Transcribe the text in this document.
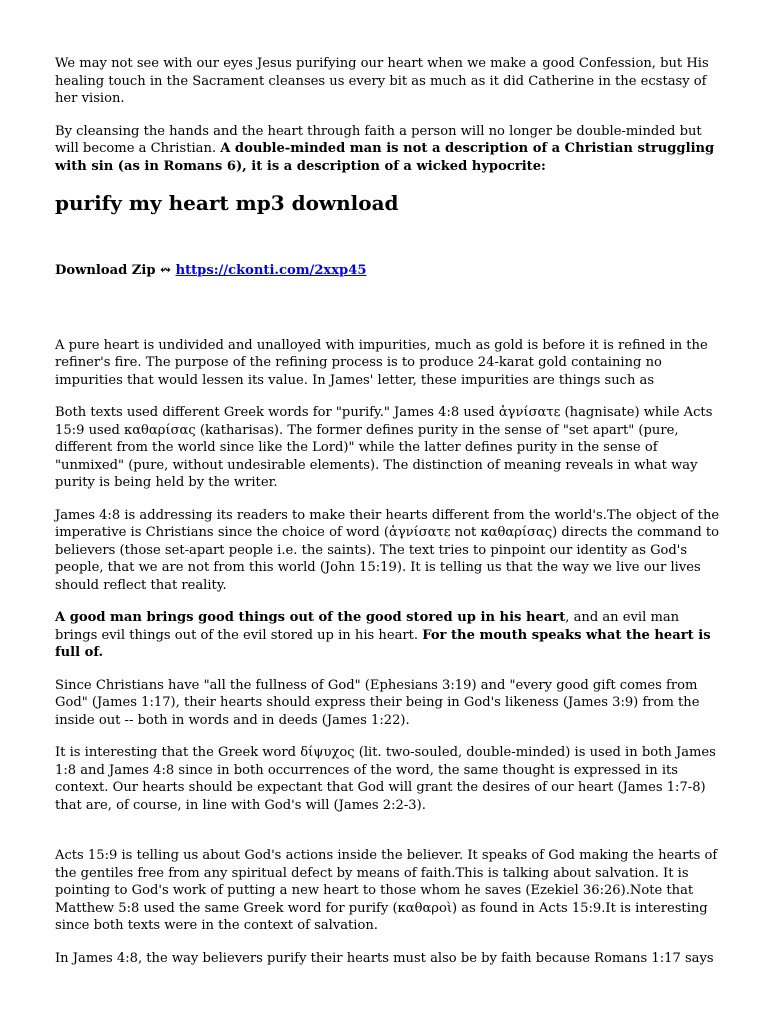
We may not see with our eyes Jesus purifying our heart when we make a good Confession, but His healing touch in the Sacrament cleanses us every bit as much as it did Catherine in the ecstasy of her vision.

By cleansing the hands and the heart through faith a person will no longer be double-minded but will become a Christian. A double-minded man is not a description of a Christian struggling with sin (as in Romans 6), it is a description of a wicked hypocrite:

purify my heart mp3 download
Download Zip ↭ https://ckonti.com/2xxp45

A pure heart is undivided and unalloyed with impurities, much as gold is before it is refined in the refiner's fire. The purpose of the refining process is to produce 24-karat gold containing no impurities that would lessen its value. In James' letter, these impurities are things such as

Both texts used different Greek words for "purify." James 4:8 used ἁγνίσατε (hagnisate) while Acts 15:9 used καθαρίσας (katharisas). The former defines purity in the sense of "set apart" (pure, different from the world since like the Lord)" while the latter defines purity in the sense of "unmixed" (pure, without undesirable elements). The distinction of meaning reveals in what way purity is being held by the writer.

James 4:8 is addressing its readers to make their hearts different from the world's.The object of the imperative is Christians since the choice of word (ἁγνίσατε not καθαρίσας) directs the command to believers (those set-apart people i.e. the saints). The text tries to pinpoint our identity as God's people, that we are not from this world (John 15:19). It is telling us that the way we live our lives should reflect that reality.

A good man brings good things out of the good stored up in his heart, and an evil man brings evil things out of the evil stored up in his heart. For the mouth speaks what the heart is full of.

Since Christians have "all the fullness of God" (Ephesians 3:19) and "every good gift comes from God" (James 1:17), their hearts should express their being in God's likeness (James 3:9) from the inside out -- both in words and in deeds (James 1:22).

It is interesting that the Greek word δίψυχος (lit. two-souled, double-minded) is used in both James 1:8 and James 4:8 since in both occurrences of the word, the same thought is expressed in its context. Our hearts should be expectant that God will grant the desires of our heart (James 1:7-8) that are, of course, in line with God's will (James 2:2-3).

Acts 15:9 is telling us about God's actions inside the believer. It speaks of God making the hearts of the gentiles free from any spiritual defect by means of faith.This is talking about salvation. It is pointing to God's work of putting a new heart to those whom he saves (Ezekiel 36:26).Note that Matthew 5:8 used the same Greek word for purify (καθαροὶ) as found in Acts 15:9.It is interesting since both texts were in the context of salvation.

In James 4:8, the way believers purify their hearts must also be by faith because Romans 1:17 says
